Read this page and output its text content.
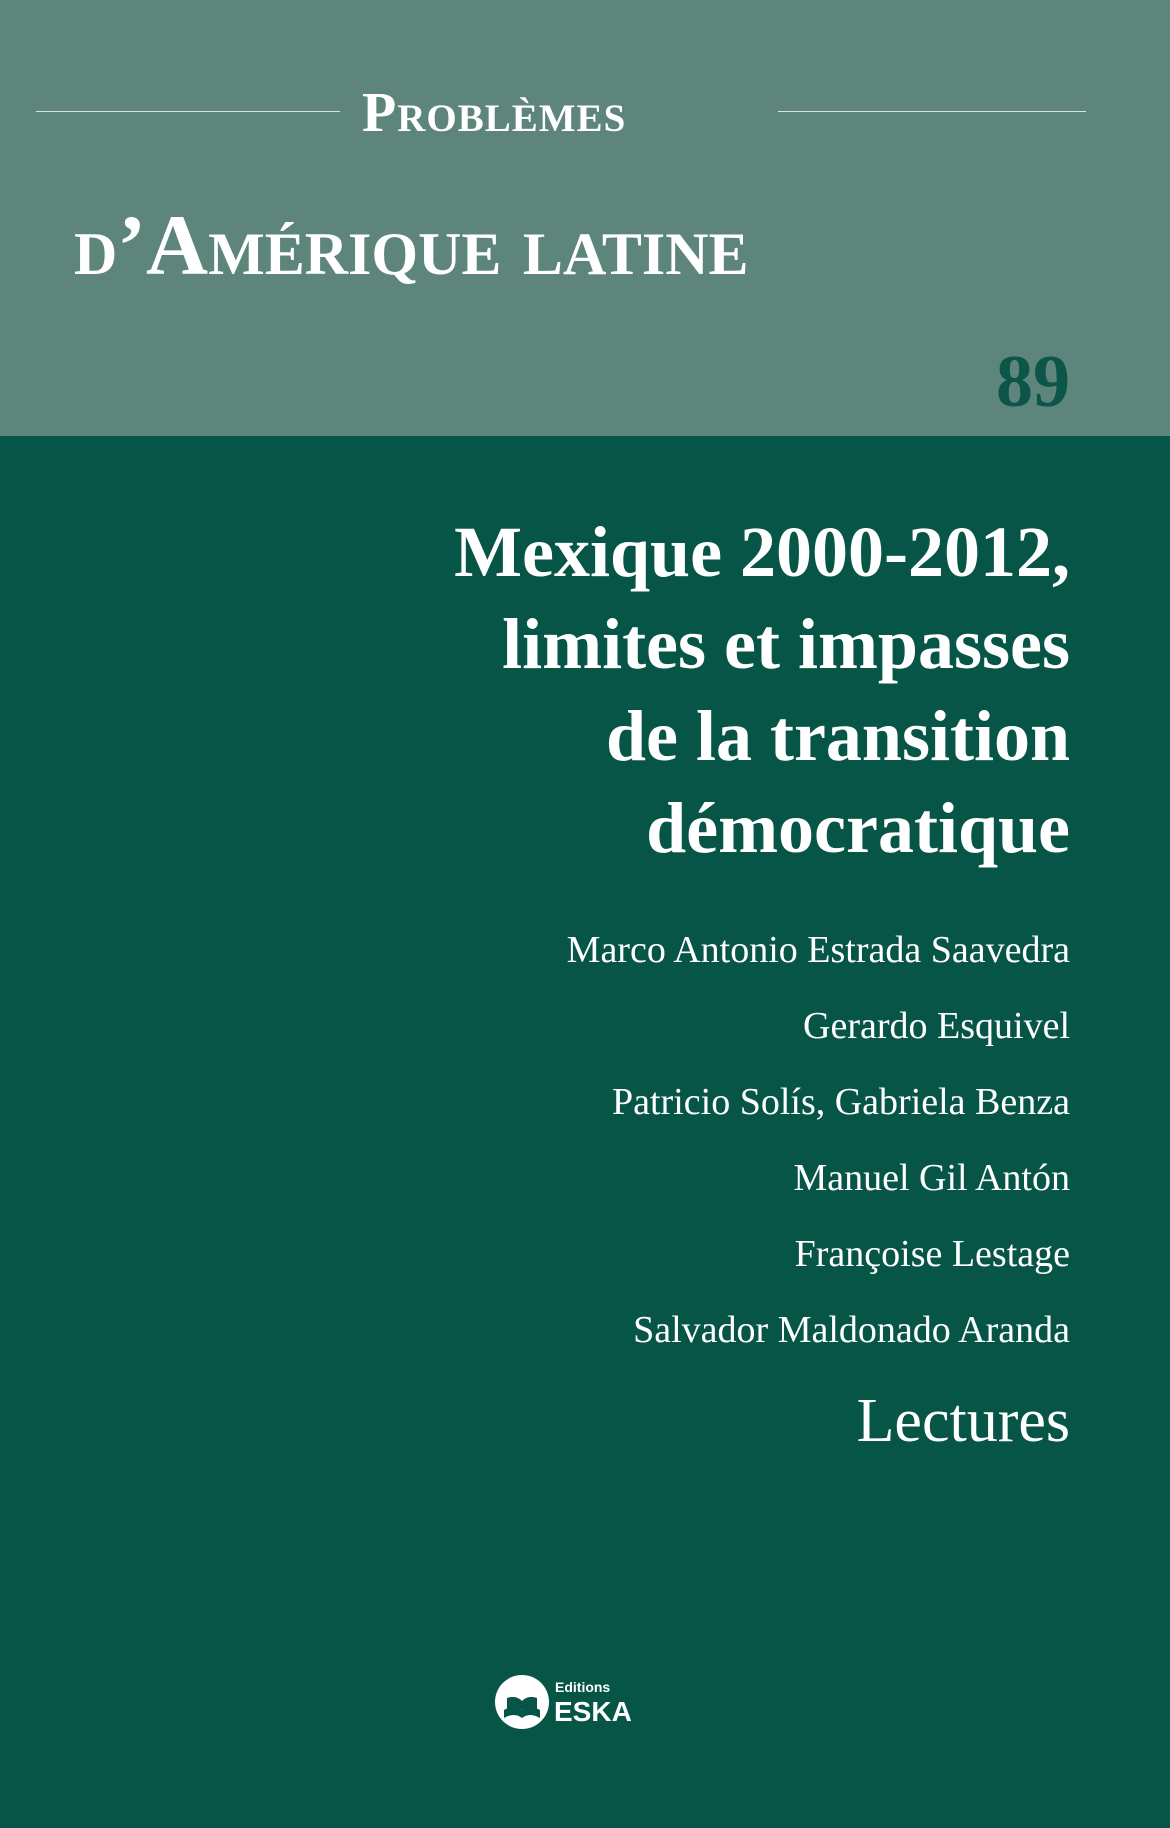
Problèmes
d’Amérique latine
89
Mexique 2000-2012,
limites et impasses
de la transition
démocratique
Marco Antonio Estrada Saavedra
Gerardo Esquivel
Patricio Solís, Gabriela Benza
Manuel Gil Antón
Françoise Lestage
Salvador Maldonado Aranda
Lectures
Editions
ESKA
